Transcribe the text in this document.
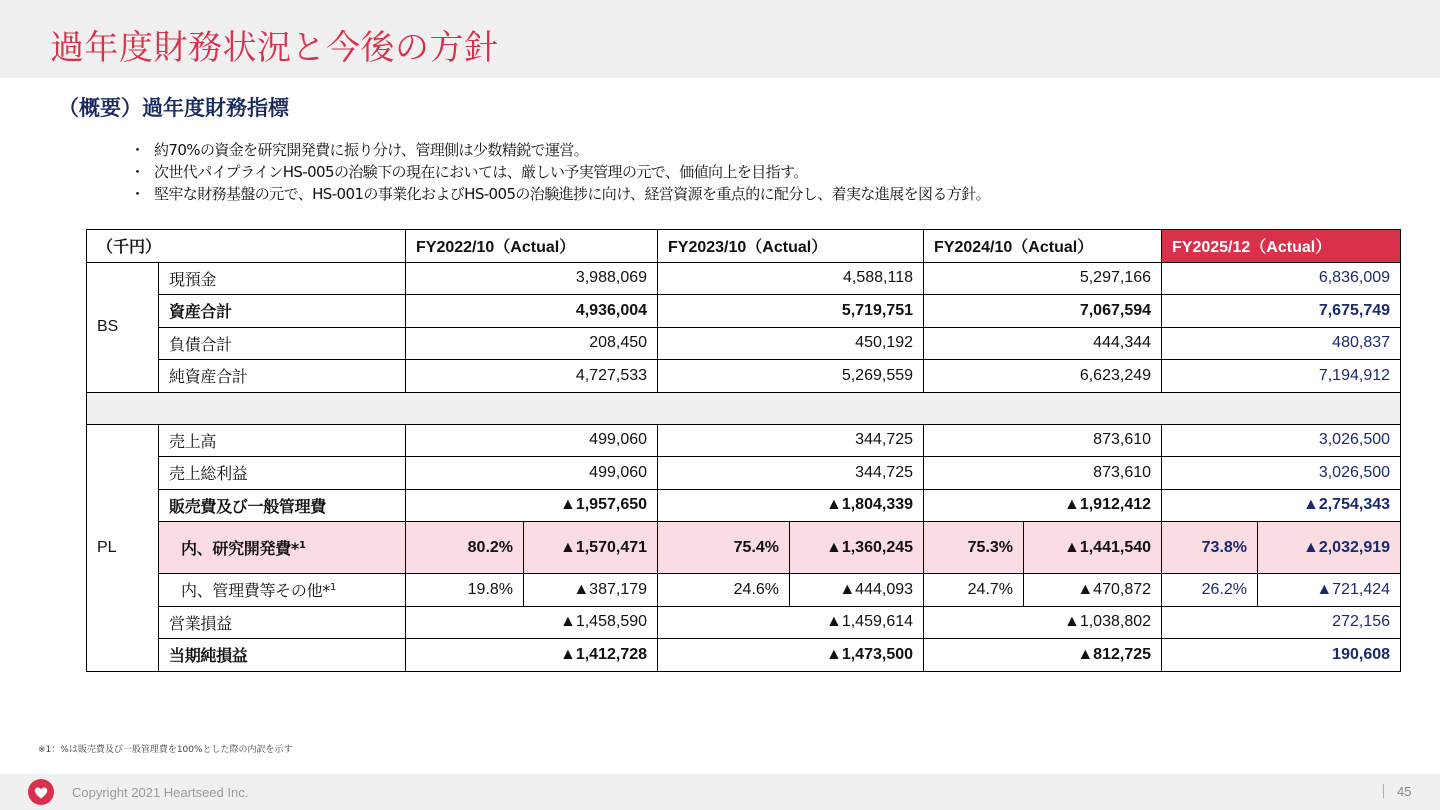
過年度財務状況と今後の方針
（概要）過年度財務指標
・ 約70%の資金を研究開発費に振り分け、管理側は少数精鋭で運営。
・ 次世代パイプラインHS-005の治験下の現在においては、厳しい予実管理の元で、価値向上を目指す。
・ 堅牢な財務基盤の元で、HS-001の事業化およびHS-005の治験進捗に向け、経営資源を重点的に配分し、着実な進展を図る方針。
（千円）		FY2022/10（Actual）		FY2023/10（Actual）		FY2024/10（Actual）		FY2025/12（Actual）	
BS	現預金	3,988,069		4,588,118		5,297,166		6,836,009	
	資産合計	4,936,004		5,719,751		7,067,594		7,675,749	
	負債合計	208,450		450,192		444,344		480,837	
	純資産合計	4,727,533		5,269,559		6,623,249		7,194,912	

PL	売上高	499,060		344,725		873,610		3,026,500	
	売上総利益	499,060		344,725		873,610		3,026,500	
	販売費及び一般管理費	▲1,957,650		▲1,804,339		▲1,912,412		▲2,754,343	
	内、研究開発費*$^1$	80.2%	▲1,570,471	75.4%	▲1,360,245	75.3%	▲1,441,540	73.8%	▲2,032,919
	内、管理費等その他*$^1$	19.8%	▲387,179	24.6%	▲444,093	24.7%	▲470,872	26.2%	▲721,424
	営業損益	▲1,458,590		▲1,459,614		▲1,038,802		272,156	
	当期純損益	▲1,412,728		▲1,473,500		▲812,725		190,608	
※1：%は販売費及び一般管理費を100%とした際の内訳を示す
Copyright 2021 Heartseed Inc.	45
